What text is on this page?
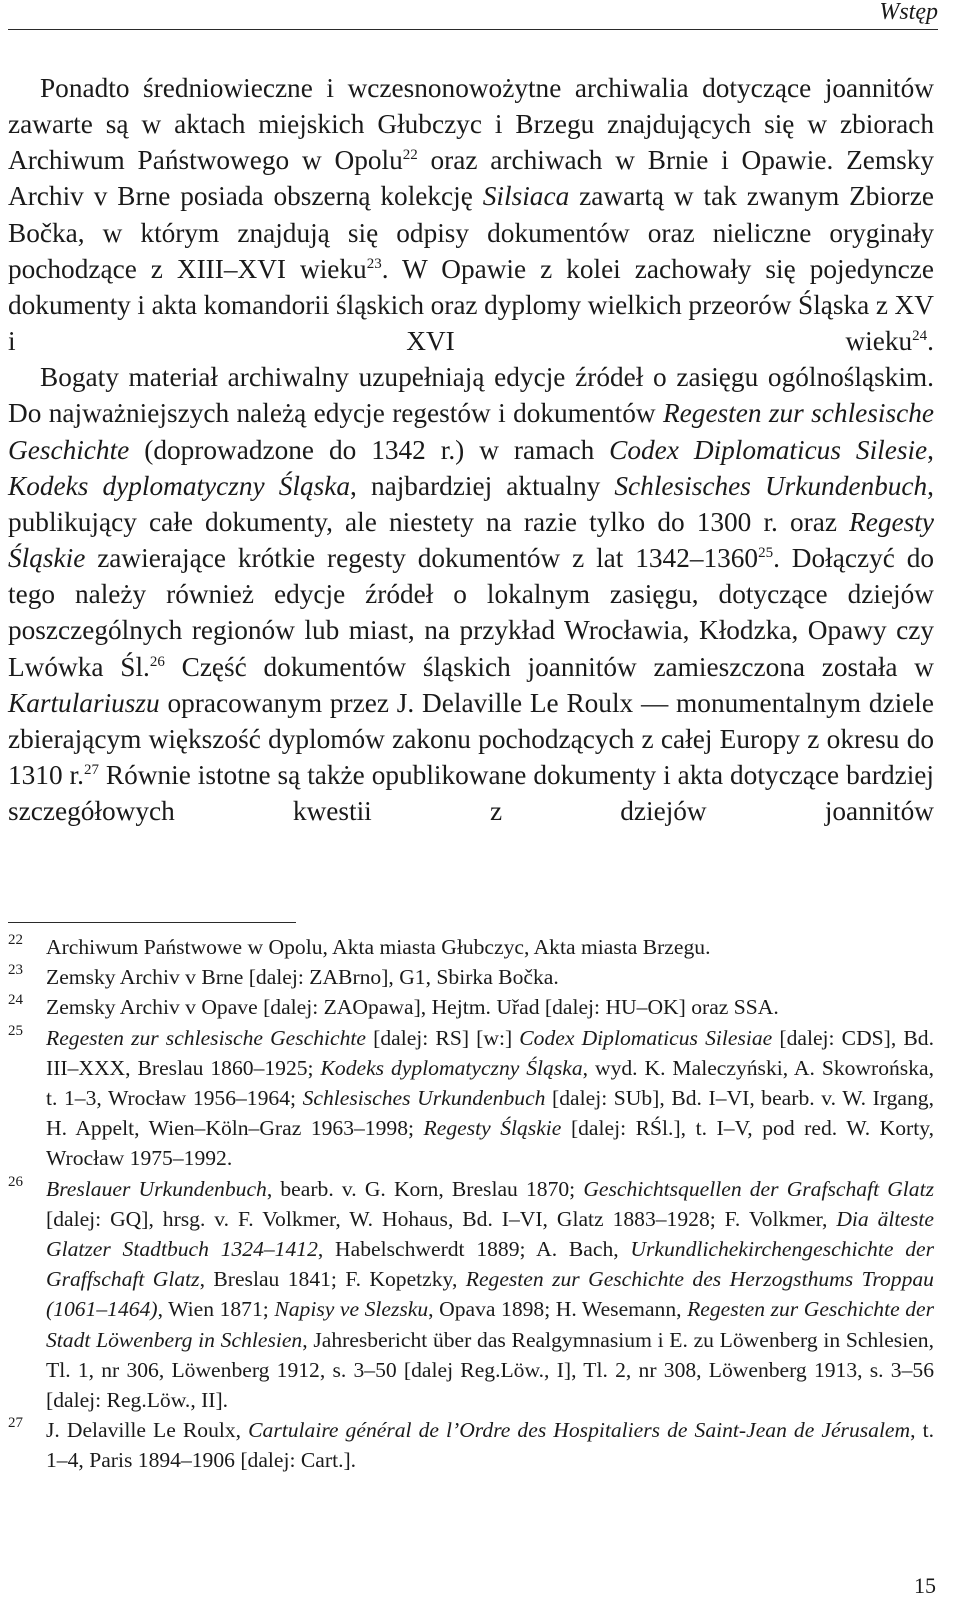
Wstęp

Ponadto średniowieczne i wczesnonowożytne archiwalia dotyczące joannitów zawarte są w aktach miejskich Głubczyc i Brzegu znajdujących się w zbiorach Archiwum Państwowego w Opolu$^{22}$ oraz archiwach w Brnie i Opawie. Zemsky Archiv v Brne posiada obszerną kolekcję Silsiaca zawartą w tak zwanym Zbiorze Bočka, w którym znajdują się odpisy dokumentów oraz nieliczne oryginały pochodzące z XIII–XVI wieku$^{23}$. W Opawie z kolei zachowały się pojedyncze dokumenty i akta komandorii śląskich oraz dyplomy wielkich przeorów Śląska z XV i XVI wieku$^{24}$.

Bogaty materiał archiwalny uzupełniają edycje źródeł o zasięgu ogólnośląskim. Do najważniejszych należą edycje regestów i dokumentów Regesten zur schlesische Geschichte (doprowadzone do 1342 r.) w ramach Codex Diplomaticus Silesie, Kodeks dyplomatyczny Śląska, najbardziej aktualny Schlesisches Urkundenbuch, publikujący całe dokumenty, ale niestety na razie tylko do 1300 r. oraz Regesty Śląskie zawierające krótkie regesty dokumentów z lat 1342–1360$^{25}$. Dołączyć do tego należy również edycje źródeł o lokalnym zasięgu, dotyczące dziejów poszczególnych regionów lub miast, na przykład Wrocławia, Kłodzka, Opawy czy Lwówka Śl.$^{26}$ Część dokumentów śląskich joannitów zamieszczona została w Kartulariuszu opracowanym przez J. Delaville Le Roulx — monumentalnym dziele zbierającym większość dyplomów zakonu pochodzących z całej Europy z okresu do 1310 r.$^{27}$ Równie istotne są także opublikowane dokumenty i akta dotyczące bardziej szczegółowych kwestii z dziejów joannitów

22 Archiwum Państwowe w Opolu, Akta miasta Głubczyc, Akta miasta Brzegu.

23 Zemsky Archiv v Brne [dalej: ZABrno], G1, Sbirka Bočka.

24 Zemsky Archiv v Opave [dalej: ZAOpawa], Hejtm. Uřad [dalej: HU–OK] oraz SSA.

25 Regesten zur schlesische Geschichte [dalej: RS] [w:] Codex Diplomaticus Silesiae [dalej: CDS], Bd. III–XXX, Breslau 1860–1925; Kodeks dyplomatyczny Śląska, wyd. K. Maleczyński, A. Skowrońska, t. 1–3, Wrocław 1956–1964; Schlesisches Urkundenbuch [dalej: SUb], Bd. I–VI, bearb. v. W. Irgang, H. Appelt, Wien–Köln–Graz 1963–1998; Regesty Śląskie [dalej: RŚl.], t. I–V, pod red. W. Korty, Wrocław 1975–1992.

26 Breslauer Urkundenbuch, bearb. v. G. Korn, Breslau 1870; Geschichtsquellen der Grafschaft Glatz [dalej: GQ], hrsg. v. F. Volkmer, W. Hohaus, Bd. I–VI, Glatz 1883–1928; F. Volkmer, Dia älteste Glatzer Stadtbuch 1324–1412, Habelschwerdt 1889; A. Bach, Urkundlichekirchengeschichte der Graffschaft Glatz, Breslau 1841; F. Kopetzky, Regesten zur Geschichte des Herzogsthums Troppau (1061–1464), Wien 1871; Napisy ve Slezsku, Opava 1898; H. Wesemann, Regesten zur Geschichte der Stadt Löwenberg in Schlesien, Jahresbericht über das Realgymnasium i E. zu Löwenberg in Schlesien, Tl. 1, nr 306, Löwenberg 1912, s. 3–50 [dalej Reg.Löw., I], Tl. 2, nr 308, Löwenberg 1913, s. 3–56 [dalej: Reg.Löw., II].

27 J. Delaville Le Roulx, Cartulaire général de l’Ordre des Hospitaliers de Saint-Jean de Jérusalem, t. 1–4, Paris 1894–1906 [dalej: Cart.].

15
